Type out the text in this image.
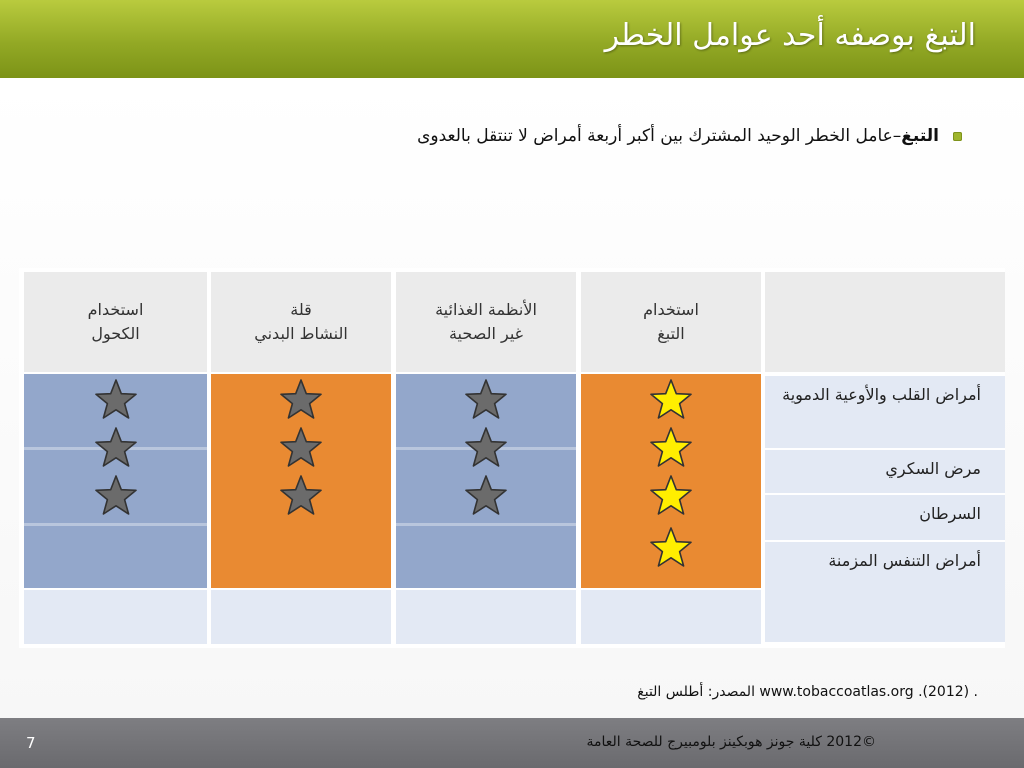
التبغ بوصفه أحد عوامل الخطر
التبغ–عامل الخطر الوحيد المشترك بين أكبر أربعة أمراض لا تنتقل بالعدوى
أمراض القلب والأوعية الدموية
مرض السكري
السرطان
أمراض التنفس المزمنة
استخدام
التبغ
الأنظمة الغذائية
غير الصحية
قلة
النشاط البدني
استخدام
الكحول
المصدر: أطلس التبغ www.tobaccoatlas.org .(2012) .
7	©2012 كلية جونز هوبكينز بلومبيرج للصحة العامة
